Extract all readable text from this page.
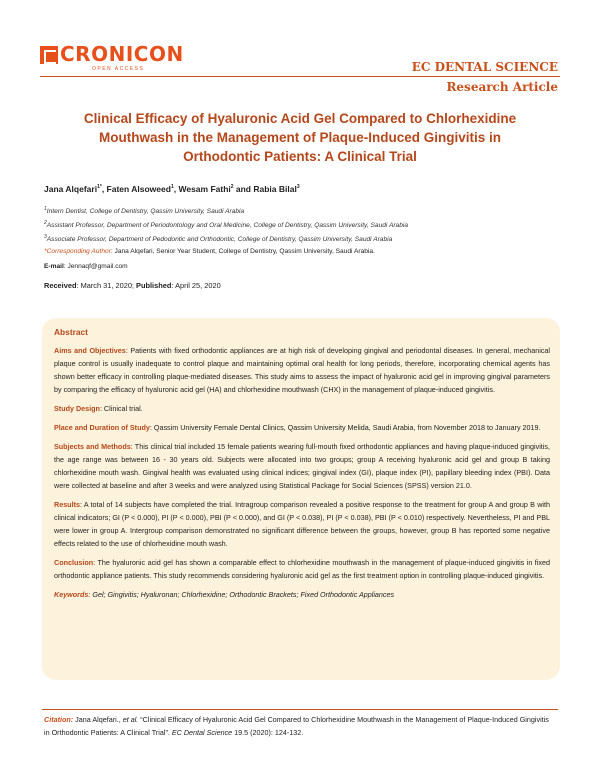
CRONICON
OPEN ACCESS	EC DENTAL SCIENCE
Research Article
Clinical Efficacy of Hyaluronic Acid Gel Compared to Chlorhexidine Mouthwash in the Management of Plaque-Induced Gingivitis in Orthodontic Patients: A Clinical Trial
Jana Alqefari$^{1*}$, Faten Alsoweed$^1$, Wesam Fathi$^2$ and Rabia Bilal$^3$
$^1$Intern Dentist, College of Dentistry, Qassim University, Saudi Arabia
$^2$Assistant Professor, Department of Periodontology and Oral Medicine, College of Dentistry, Qassim University, Saudi Arabia
$^3$Associate Professor, Department of Pedodontic and Orthodontic, College of Dentistry, Qassim University, Saudi Arabia
*Corresponding Author: Jana Alqefari, Senior Year Student, College of Dentistry, Qassim University, Saudi Arabia.
E-mail: Jennaqf@gmail.com
Received: March 31, 2020; Published: April 25, 2020
Abstract
Aims and Objectives: Patients with fixed orthodontic appliances are at high risk of developing gingival and periodontal diseases. In general, mechanical plaque control is usually inadequate to control plaque and maintaining optimal oral health for long periods, therefore, incorporating chemical agents has shown better efficacy in controlling plaque-mediated diseases. This study aims to assess the impact of hyaluronic acid gel in improving gingival parameters by comparing the efficacy of hyaluronic acid gel (HA) and chlorhexidine mouthwash (CHX) in the management of plaque-induced gingivitis.
Study Design: Clinical trial.
Place and Duration of Study: Qassim University Female Dental Clinics, Qassim University Melida, Saudi Arabia, from November 2018 to January 2019.
Subjects and Methods: This clinical trial included 15 female patients wearing full-mouth fixed orthodontic appliances and having plaque-induced gingivitis, the age range was between 16 - 30 years old. Subjects were allocated into two groups; group A receiving hyaluronic acid gel and group B taking chlorhexidine mouth wash. Gingival health was evaluated using clinical indices; gingival index (GI), plaque index (PI), papillary bleeding index (PBI). Data were collected at baseline and after 3 weeks and were analyzed using Statistical Package for Social Sciences (SPSS) version 21.0.
Results: A total of 14 subjects have completed the trial. Intragroup comparison revealed a positive response to the treatment for group A and group B with clinical indicators; GI (P < 0.000), PI (P < 0.000), PBI (P < 0.000), and GI (P < 0.038), PI (P < 0.038), PBI (P < 0.010) respectively. Nevertheless, PI and PBL were lower in group A. Intergroup comparison demonstrated no significant difference between the groups, however, group B has reported some negative effects related to the use of chlorhexidine mouth wash.
Conclusion: The hyaluronic acid gel has shown a comparable effect to chlorhexidine mouthwash in the management of plaque-induced gingivitis in fixed orthodontic appliance patients. This study recommends considering hyaluronic acid gel as the first treatment option in controlling plaque-induced gingivitis.
Keywords: Gel; Gingivitis; Hyaluronan; Chlorhexidine; Orthodontic Brackets; Fixed Orthodontic Appliances
Citation: Jana Alqefari., et al. “Clinical Efficacy of Hyaluronic Acid Gel Compared to Chlorhexidine Mouthwash in the Management of Plaque-Induced Gingivitis in Orthodontic Patients: A Clinical Trial”. EC Dental Science 19.5 (2020): 124-132.
